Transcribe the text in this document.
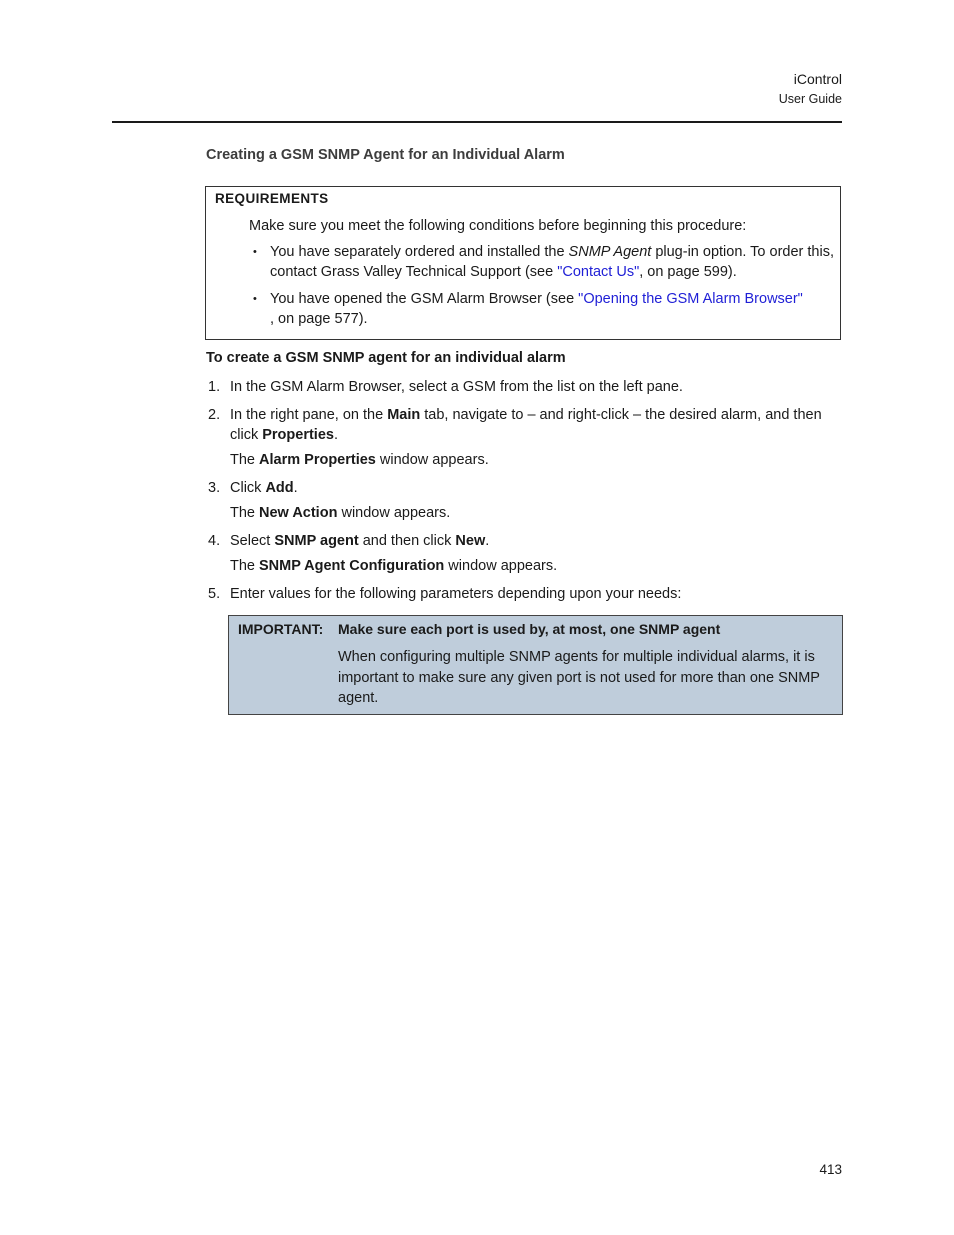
iControl
User Guide
Creating a GSM SNMP Agent for an Individual Alarm
REQUIREMENTS
Make sure you meet the following conditions before beginning this procedure:
• You have separately ordered and installed the SNMP Agent plug-in option. To order this, contact Grass Valley Technical Support (see "Contact Us", on page 599).
• You have opened the GSM Alarm Browser (see "Opening the GSM Alarm Browser"
, on page 577).
To create a GSM SNMP agent for an individual alarm
1. In the GSM Alarm Browser, select a GSM from the list on the left pane.
2. In the right pane, on the Main tab, navigate to – and right-click – the desired alarm, and then click Properties.
The Alarm Properties window appears.
3. Click Add.
The New Action window appears.
4. Select SNMP agent and then click New.
The SNMP Agent Configuration window appears.
5. Enter values for the following parameters depending upon your needs:
IMPORTANT: Make sure each port is used by, at most, one SNMP agent
When configuring multiple SNMP agents for multiple individual alarms, it is important to make sure any given port is not used for more than one SNMP agent.
413
